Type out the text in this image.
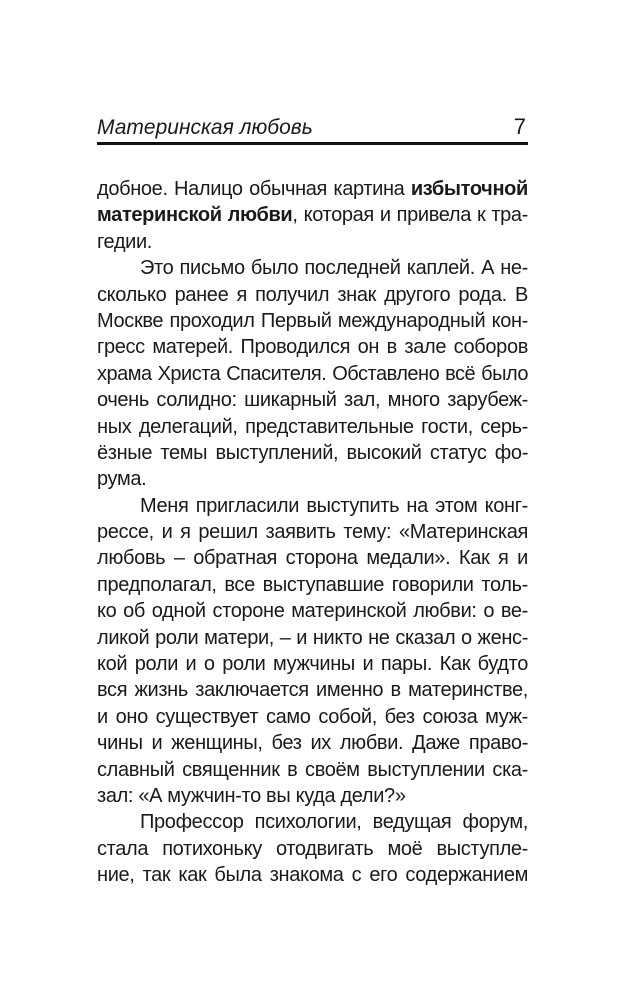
Материнская любовь	7
добное. Налицо обычная картина избыточной
материнской любви, которая и привела к тра-
гедии.
Это письмо было последней каплей. А не-
сколько ранее я получил знак другого рода. В
Москве проходил Первый международный кон-
гресс матерей. Проводился он в зале соборов
храма Христа Спасителя. Обставлено всё было
очень солидно: шикарный зал, много зарубеж-
ных делегаций, представительные гости, серь-
ёзные темы выступлений, высокий статус фо-
рума.
Меня пригласили выступить на этом конг-
рессе, и я решил заявить тему: «Материнская
любовь – обратная сторона медали». Как я и
предполагал, все выступавшие говорили толь-
ко об одной стороне материнской любви: о ве-
ликой роли матери, – и никто не сказал о женс-
кой роли и о роли мужчины и пары. Как будто
вся жизнь заключается именно в материнстве,
и оно существует само собой, без союза муж-
чины и женщины, без их любви. Даже право-
славный священник в своём выступлении ска-
зал: «А мужчин-то вы куда дели?»
Профессор психологии, ведущая форум,
стала потихоньку отодвигать моё выступле-
ние, так как была знакома с его содержанием
